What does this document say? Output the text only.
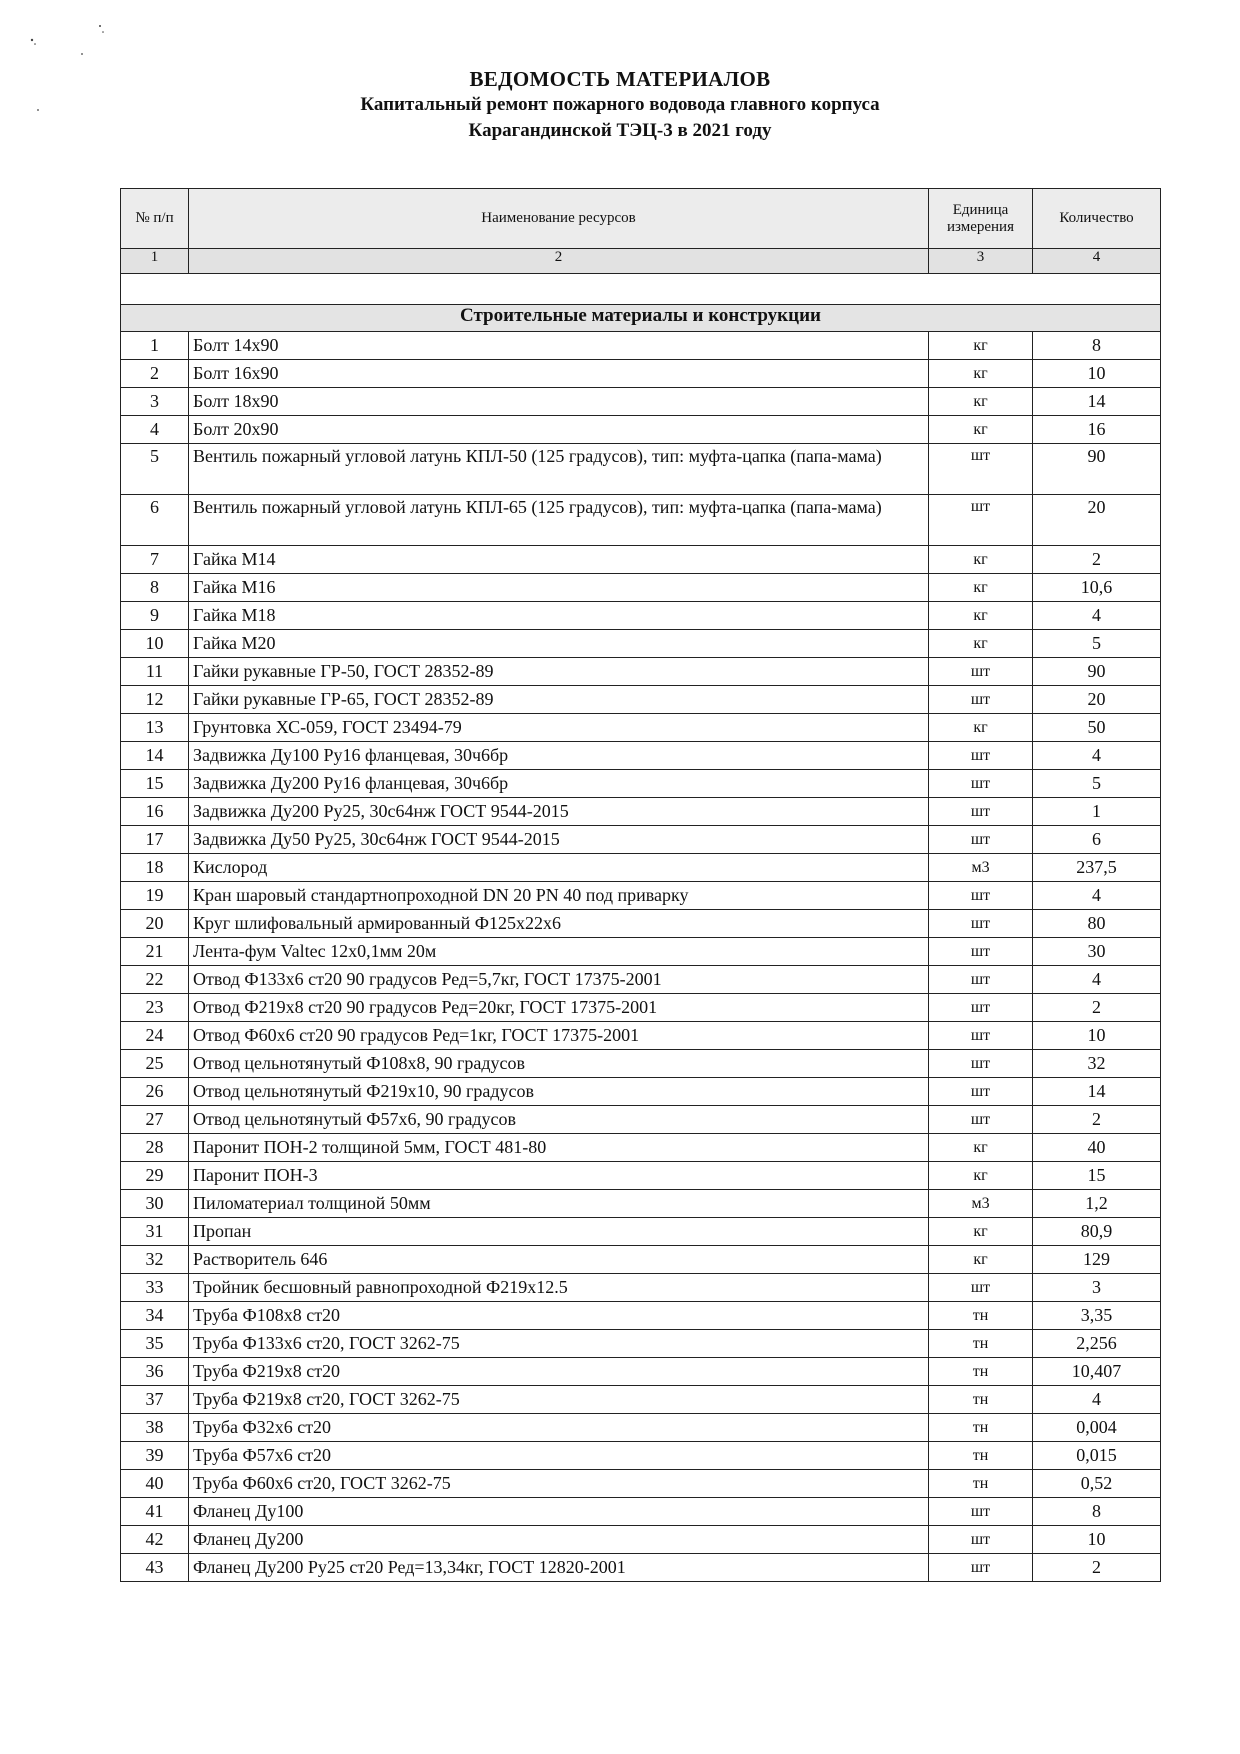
ВЕДОМОСТЬ МАТЕРИАЛОВ
Капитальный ремонт пожарного водовода главного корпуса
Карагандинской ТЭЦ-3 в 2021 году
№ п/п	Наименование ресурсов	Единица измерения	Количество
1	2	3	4

Строительные материалы и конструкции			
1	Болт 14х90	кг	8
2	Болт 16х90	кг	10
3	Болт 18х90	кг	14
4	Болт 20х90	кг	16
5	Вентиль пожарный угловой латунь КПЛ-50 (125 градусов), тип: муфта-цапка (папа-мама)	шт	90
6	Вентиль пожарный угловой латунь КПЛ-65 (125 градусов), тип: муфта-цапка (папа-мама)	шт	20
7	Гайка М14	кг	2
8	Гайка М16	кг	10,6
9	Гайка М18	кг	4
10	Гайка М20	кг	5
11	Гайки рукавные ГР-50, ГОСТ 28352-89	шт	90
12	Гайки рукавные ГР-65, ГОСТ 28352-89	шт	20
13	Грунтовка ХС-059, ГОСТ 23494-79	кг	50
14	Задвижка Ду100 Ру16 фланцевая, 30ч6бр	шт	4
15	Задвижка Ду200 Ру16 фланцевая, 30ч6бр	шт	5
16	Задвижка Ду200 Ру25, 30с64нж ГОСТ 9544-2015	шт	1
17	Задвижка Ду50 Ру25, 30с64нж ГОСТ 9544-2015	шт	6
18	Кислород	м3	237,5
19	Кран шаровый стандартнопроходной DN 20 PN 40 под приварку	шт	4
20	Круг шлифовальный армированный Ф125х22х6	шт	80
21	Лента-фум Valtec 12х0,1мм 20м	шт	30
22	Отвод Ф133х6 ст20 90 градусов Ред=5,7кг, ГОСТ 17375-2001	шт	4
23	Отвод Ф219х8 ст20 90 градусов Ред=20кг, ГОСТ 17375-2001	шт	2
24	Отвод Ф60х6 ст20 90 градусов Ред=1кг, ГОСТ 17375-2001	шт	10
25	Отвод цельнотянутый Ф108х8, 90 градусов	шт	32
26	Отвод цельнотянутый Ф219х10, 90 градусов	шт	14
27	Отвод цельнотянутый Ф57х6, 90 градусов	шт	2
28	Паронит ПОН-2 толщиной 5мм, ГОСТ 481-80	кг	40
29	Паронит ПОН-3	кг	15
30	Пиломатериал толщиной 50мм	м3	1,2
31	Пропан	кг	80,9
32	Растворитель 646	кг	129
33	Тройник бесшовный равнопроходной Ф219х12.5	шт	3
34	Труба Ф108х8 ст20	тн	3,35
35	Труба Ф133х6 ст20, ГОСТ 3262-75	тн	2,256
36	Труба Ф219х8 ст20	тн	10,407
37	Труба Ф219х8 ст20, ГОСТ 3262-75	тн	4
38	Труба Ф32х6 ст20	тн	0,004
39	Труба Ф57х6 ст20	тн	0,015
40	Труба Ф60х6 ст20, ГОСТ 3262-75	тн	0,52
41	Фланец Ду100	шт	8
42	Фланец Ду200	шт	10
43	Фланец Ду200 Ру25 ст20 Ред=13,34кг, ГОСТ 12820-2001	шт	2
